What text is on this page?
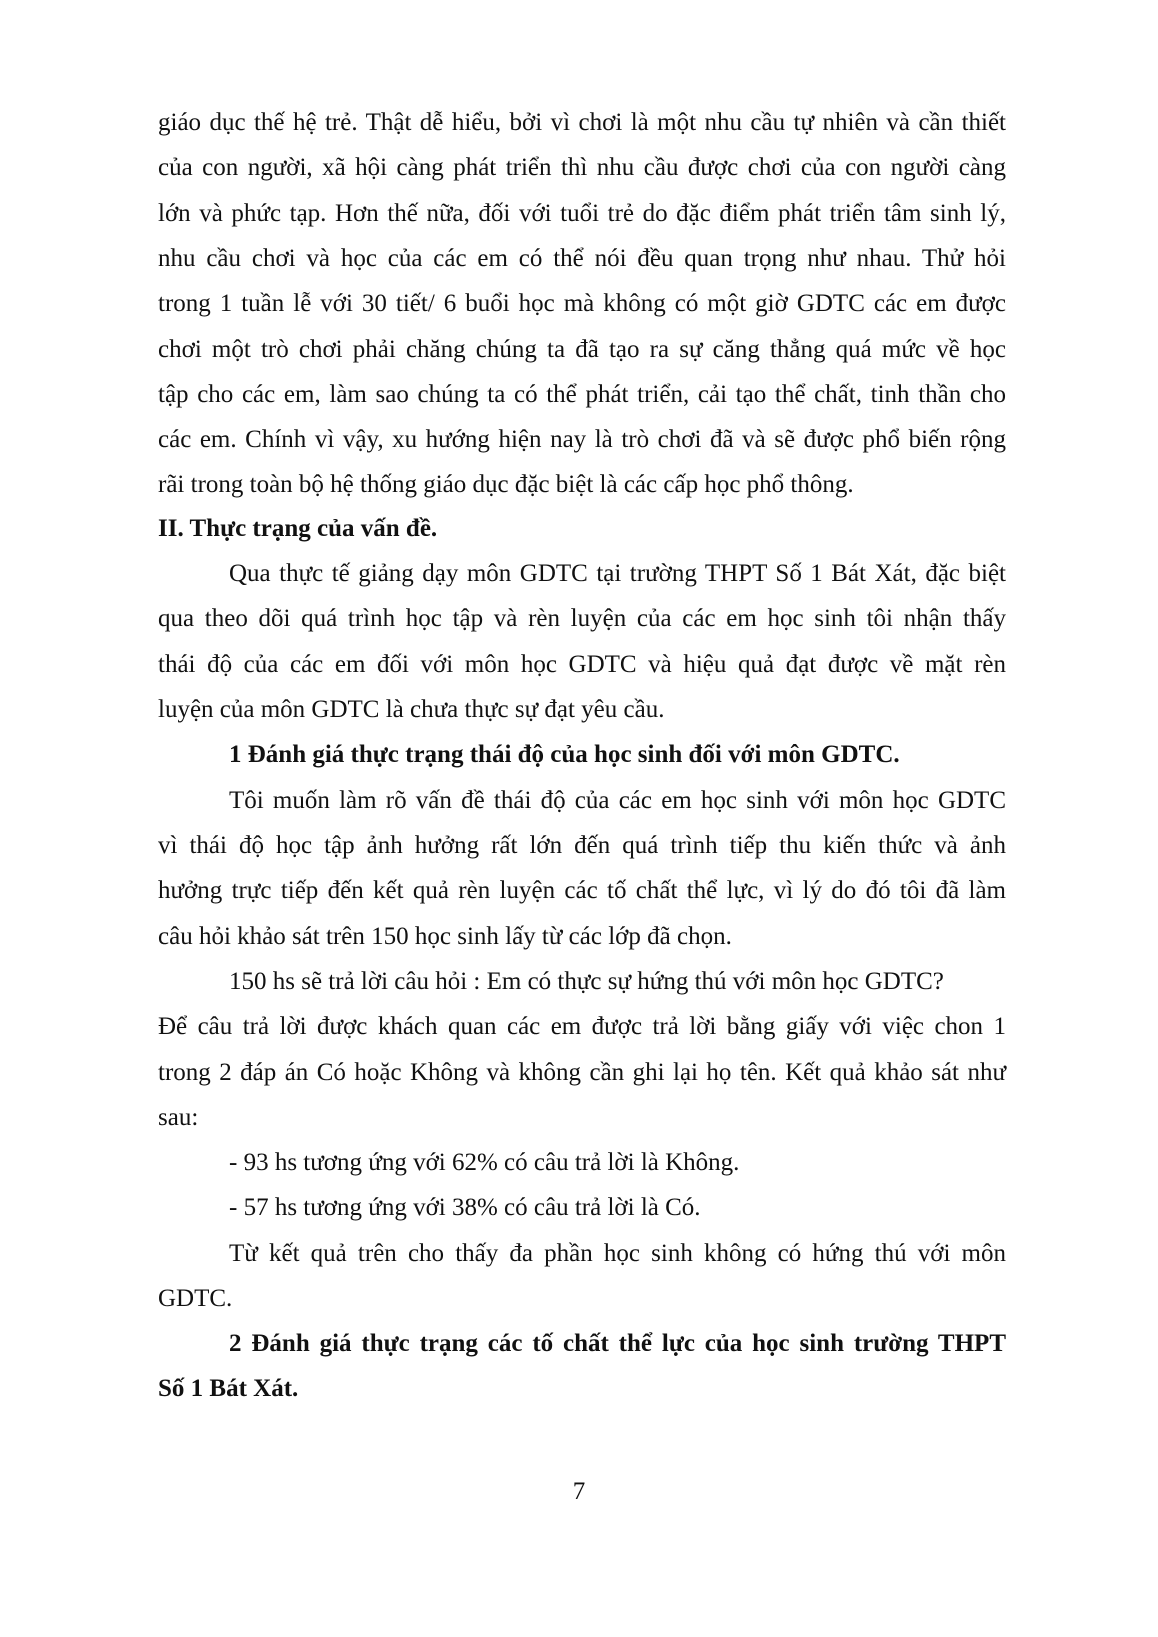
giáo dục thế hệ trẻ. Thật dễ hiểu, bởi vì chơi là một nhu cầu tự nhiên và cần thiết
của con người, xã hội càng phát triển thì nhu cầu được chơi của con người càng
lớn và phức tạp. Hơn thế nữa, đối với tuổi trẻ do đặc điểm phát triển tâm sinh lý,
nhu cầu chơi và học của các em có thể nói đều quan trọng như nhau. Thử hỏi
trong 1 tuần lễ với 30 tiết/ 6 buổi học mà không có một giờ GDTC các em được
chơi một trò chơi phải chăng chúng ta đã tạo ra sự căng thẳng quá mức về học
tập cho các em, làm sao chúng ta có thể phát triển, cải tạo thể chất, tinh thần cho
các em. Chính vì vậy, xu hướng hiện nay là trò chơi đã và sẽ được phổ biến rộng
rãi trong toàn bộ hệ thống giáo dục đặc biệt là các cấp học phổ thông.
II. Thực trạng của vấn đề.
Qua thực tế giảng dạy môn GDTC tại trường THPT Số 1 Bát Xát, đặc biệt
qua theo dõi quá trình học tập và rèn luyện của các em học sinh tôi nhận thấy
thái độ của các em đối với môn học GDTC và hiệu quả đạt được về mặt rèn
luyện của môn GDTC là chưa thực sự đạt yêu cầu.
1 Đánh giá thực trạng thái độ của học sinh đối với môn GDTC.
Tôi muốn làm rõ vấn đề thái độ của các em học sinh với môn học GDTC
vì thái độ học tập ảnh hưởng rất lớn đến quá trình tiếp thu kiến thức và ảnh
hưởng trực tiếp đến kết quả rèn luyện các tố chất thể lực, vì lý do đó tôi đã làm
câu hỏi khảo sát trên 150 học sinh lấy từ các lớp đã chọn.
150 hs sẽ trả lời câu hỏi : Em có thực sự hứng thú với môn học GDTC?
Để câu trả lời được khách quan các em được trả lời bằng giấy với việc chon 1
trong 2 đáp án Có hoặc Không và không cần ghi lại họ tên. Kết quả khảo sát như
sau:
- 93 hs tương ứng với 62% có câu trả lời là Không.
- 57 hs tương ứng với 38% có câu trả lời là Có.
Từ kết quả trên cho thấy đa phần học sinh không có hứng thú với môn
GDTC.
2 Đánh giá thực trạng các tố chất thể lực của học sinh trường THPT
Số 1 Bát Xát.
7
